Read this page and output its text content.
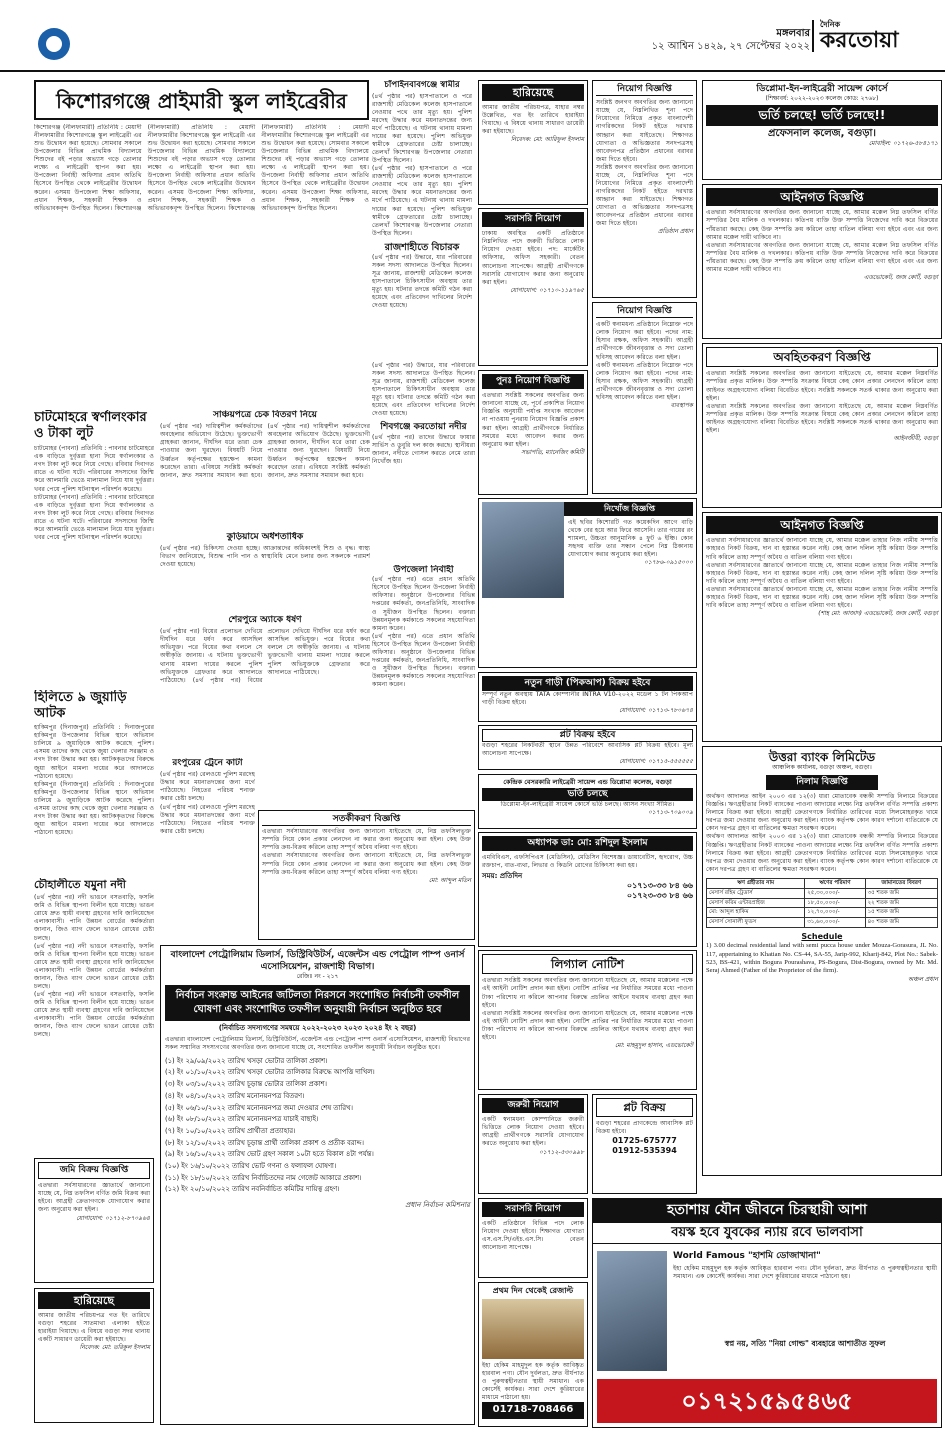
মঙ্গলবার
১২ আশ্বিন ১৪২৯, ২৭ সেপ্টেম্বর ২০২২
দৈনিক
করতোয়া
কিশোরগঞ্জে প্রাইমারী স্কুল লাইব্রেরীর
কিশোরগঞ্জ (নীলফামারী) প্রতিনিধি : মেয়াদী নীলফামারীর কিশোরগঞ্জে স্কুল লাইব্রেরী এর শুভ উদ্বোধন করা হয়েছে। সোমবার সকালে উপজেলার বিভিন্ন প্রাথমিক বিদ্যালয়ে শিশুদের বই পড়ার অভ্যাস গড়ে তোলার লক্ষ্যে এ লাইব্রেরী স্থাপন করা হয়। উপজেলা নির্বাহী অফিসার প্রধান অতিথি হিসেবে উপস্থিত থেকে লাইব্রেরীর উদ্বোধন করেন। এসময় উপজেলা শিক্ষা অফিসার, প্রধান শিক্ষক, সহকারী শিক্ষক ও অভিভাবকবৃন্দ উপস্থিত ছিলেন। কিশোরগঞ্জ (নীলফামারী) প্রতিনিধি : মেয়াদী নীলফামারীর কিশোরগঞ্জে স্কুল লাইব্রেরী এর শুভ উদ্বোধন করা হয়েছে। সোমবার সকালে উপজেলার বিভিন্ন প্রাথমিক বিদ্যালয়ে শিশুদের বই পড়ার অভ্যাস গড়ে তোলার লক্ষ্যে এ লাইব্রেরী স্থাপন করা হয়। উপজেলা নির্বাহী অফিসার প্রধান অতিথি হিসেবে উপস্থিত থেকে লাইব্রেরীর উদ্বোধন করেন। এসময় উপজেলা শিক্ষা অফিসার, প্রধান শিক্ষক, সহকারী শিক্ষক ও অভিভাবকবৃন্দ উপস্থিত ছিলেন। কিশোরগঞ্জ (নীলফামারী) প্রতিনিধি : মেয়াদী নীলফামারীর কিশোরগঞ্জে স্কুল লাইব্রেরী এর শুভ উদ্বোধন করা হয়েছে। সোমবার সকালে উপজেলার বিভিন্ন প্রাথমিক বিদ্যালয়ে শিশুদের বই পড়ার অভ্যাস গড়ে তোলার লক্ষ্যে এ লাইব্রেরী স্থাপন করা হয়। উপজেলা নির্বাহী অফিসার প্রধান অতিথি হিসেবে উপস্থিত থেকে লাইব্রেরীর উদ্বোধন করেন। এসময় উপজেলা শিক্ষা অফিসার, প্রধান শিক্ষক, সহকারী শিক্ষক ও অভিভাবকবৃন্দ উপস্থিত ছিলেন।
চাটমোহরে স্বর্ণালংকার ও টাকা লুট
চাটমোহর (পাবনা) প্রতিনিধি : পাবনার চাটমোহরে এক বাড়িতে দুর্বৃত্তরা হানা দিয়ে স্বর্ণালংকার ও নগদ টাকা লুট করে নিয়ে গেছে। রবিবার দিবাগত রাতে এ ঘটনা ঘটে। পরিবারের সদস্যদের জিম্মি করে আলমারি ভেঙে মালামাল নিয়ে যায় দুর্বৃত্তরা। খবর পেয়ে পুলিশ ঘটনাস্থল পরিদর্শন করেছে।
চাটমোহর (পাবনা) প্রতিনিধি : পাবনার চাটমোহরে এক বাড়িতে দুর্বৃত্তরা হানা দিয়ে স্বর্ণালংকার ও নগদ টাকা লুট করে নিয়ে গেছে। রবিবার দিবাগত রাতে এ ঘটনা ঘটে। পরিবারের সদস্যদের জিম্মি করে আলমারি ভেঙে মালামাল নিয়ে যায় দুর্বৃত্তরা। খবর পেয়ে পুলিশ ঘটনাস্থল পরিদর্শন করেছে।
হিলিতে ৯ জুয়াড়ি আটক
হাকিমপুর (দিনাজপুর) প্রতিনিধি : দিনাজপুরের হাকিমপুর উপজেলার বিভিন্ন স্থানে অভিযান চালিয়ে ৯ জুয়াড়িকে আটক করেছে পুলিশ। এসময় তাদের কাছ থেকে জুয়া খেলার সরঞ্জাম ও নগদ টাকা উদ্ধার করা হয়। আটককৃতদের বিরুদ্ধে জুয়া আইনে মামলা দায়ের করে আদালতে পাঠানো হয়েছে।
হাকিমপুর (দিনাজপুর) প্রতিনিধি : দিনাজপুরের হাকিমপুর উপজেলার বিভিন্ন স্থানে অভিযান চালিয়ে ৯ জুয়াড়িকে আটক করেছে পুলিশ। এসময় তাদের কাছ থেকে জুয়া খেলার সরঞ্জাম ও নগদ টাকা উদ্ধার করা হয়। আটককৃতদের বিরুদ্ধে জুয়া আইনে মামলা দায়ের করে আদালতে পাঠানো হয়েছে।
চৌহালীতে যমুনা নদী
(৪র্থ পৃষ্ঠার পর) নদী ভাঙনে বসতবাড়ি, ফসলি জমি ও বিভিন্ন স্থাপনা বিলীন হয়ে যাচ্ছে। ভাঙন রোধে দ্রুত স্থায়ী ব্যবস্থা গ্রহণের দাবি জানিয়েছেন এলাকাবাসী। পানি উন্নয়ন বোর্ডের কর্মকর্তারা জানান, জিও ব্যাগ ফেলে ভাঙন রোধের চেষ্টা চলছে।
(৪র্থ পৃষ্ঠার পর) নদী ভাঙনে বসতবাড়ি, ফসলি জমি ও বিভিন্ন স্থাপনা বিলীন হয়ে যাচ্ছে। ভাঙন রোধে দ্রুত স্থায়ী ব্যবস্থা গ্রহণের দাবি জানিয়েছেন এলাকাবাসী। পানি উন্নয়ন বোর্ডের কর্মকর্তারা জানান, জিও ব্যাগ ফেলে ভাঙন রোধের চেষ্টা চলছে।
(৪র্থ পৃষ্ঠার পর) নদী ভাঙনে বসতবাড়ি, ফসলি জমি ও বিভিন্ন স্থাপনা বিলীন হয়ে যাচ্ছে। ভাঙন রোধে দ্রুত স্থায়ী ব্যবস্থা গ্রহণের দাবি জানিয়েছেন এলাকাবাসী। পানি উন্নয়ন বোর্ডের কর্মকর্তারা জানান, জিও ব্যাগ ফেলে ভাঙন রোধের চেষ্টা চলছে।
জমি বিক্রয় বিজ্ঞপ্তি
এতদ্বারা সর্বসাধারণের জ্ঞাতার্থে জানানো যাচ্ছে যে, নিম্ন তফসিল বর্ণিত জমি বিক্রয় করা হইবে। আগ্রহী ক্রেতাগণকে যোগাযোগ করার জন্য অনুরোধ করা হইল।
যোগাযোগ: ০১৭১২-৮৭০৯৬৪
হারিয়েছে
আমার জাতীয় পরিচয়পত্র গত ইং তারিখে বগুড়া শহরের সাতমাথা এলাকা হইতে হারাইয়া গিয়াছে। এ বিষয়ে বগুড়া সদর থানায় একটি সাধারণ ডায়েরী করা হইয়াছে।
নিবেদক: মো: তরিকুল ইসলাম
সাঞ্চয়পত্রে চেক বিতরণ নিয়ে
(৪র্থ পৃষ্ঠার পর) দায়িত্বশীল কর্মকর্তাদের অবহেলার অভিযোগ উঠেছে। ভুক্তভোগী গ্রাহকরা জানান, দীর্ঘদিন ধরে তারা চেক পাওয়ার জন্য ঘুরছেন। বিষয়টি নিয়ে উর্ধ্বতন কর্তৃপক্ষের হস্তক্ষেপ কামনা করেছেন তারা। এবিষয়ে সংশ্লিষ্ট কর্মকর্তা জানান, দ্রুত সমস্যার সমাধান করা হবে। (৪র্থ পৃষ্ঠার পর) দায়িত্বশীল কর্মকর্তাদের অবহেলার অভিযোগ উঠেছে। ভুক্তভোগী গ্রাহকরা জানান, দীর্ঘদিন ধরে তারা চেক পাওয়ার জন্য ঘুরছেন। বিষয়টি নিয়ে উর্ধ্বতন কর্তৃপক্ষের হস্তক্ষেপ কামনা করেছেন তারা। এবিষয়ে সংশ্লিষ্ট কর্মকর্তা জানান, দ্রুত সমস্যার সমাধান করা হবে।
কুড়িয়ামে অর্ধশতাধিক
(৪র্থ পৃষ্ঠার পর) চিকিৎসা দেওয়া হচ্ছে। আক্রান্তদের অধিকাংশই শিশু ও বৃদ্ধ। স্বাস্থ্য বিভাগ জানিয়েছে, বিশুদ্ধ পানি পান ও স্বাস্থ্যবিধি মেনে চলার জন্য সকলকে পরামর্শ দেওয়া হয়েছে।
শেরপুরে অ্যাকে ধর্ষণ
(৪র্থ পৃষ্ঠার পর) বিয়ের প্রলোভন দেখিয়ে দীর্ঘদিন ধরে ধর্ষণ করে আসছিল অভিযুক্ত। পরে বিয়ের কথা বললে সে অস্বীকৃতি জানায়। এ ঘটনায় ভুক্তভোগী থানায় মামলা দায়ের করলে পুলিশ অভিযুক্তকে গ্রেফতার করে আদালতে পাঠিয়েছে। (৪র্থ পৃষ্ঠার পর) বিয়ের প্রলোভন দেখিয়ে দীর্ঘদিন ধরে ধর্ষণ করে আসছিল অভিযুক্ত। পরে বিয়ের কথা বললে সে অস্বীকৃতি জানায়। এ ঘটনায় ভুক্তভোগী থানায় মামলা দায়ের করলে পুলিশ অভিযুক্তকে গ্রেফতার করে আদালতে পাঠিয়েছে।
রংপুরের ট্রেনে কাটা
(৪র্থ পৃষ্ঠার পর) রেলওয়ে পুলিশ মরদেহ উদ্ধার করে ময়নাতদন্তের জন্য মর্গে পাঠিয়েছে। নিহতের পরিচয় শনাক্ত করার চেষ্টা চলছে।
(৪র্থ পৃষ্ঠার পর) রেলওয়ে পুলিশ মরদেহ উদ্ধার করে ময়নাতদন্তের জন্য মর্গে পাঠিয়েছে। নিহতের পরিচয় শনাক্ত করার চেষ্টা চলছে।
সতর্কীকরণ বিজ্ঞপ্তি
এতদ্বারা সর্বসাধারণের অবগতির জন্য জানানো যাইতেছে যে, নিম্ন তফসিলভুক্ত সম্পত্তি নিয়ে কোন প্রকার লেনদেন না করার জন্য অনুরোধ করা হইল। কেহ উক্ত সম্পত্তি ক্রয়-বিক্রয় করিলে তাহা সম্পূর্ণ অবৈধ বলিয়া গণ্য হইবে।
এতদ্বারা সর্বসাধারণের অবগতির জন্য জানানো যাইতেছে যে, নিম্ন তফসিলভুক্ত সম্পত্তি নিয়ে কোন প্রকার লেনদেন না করার জন্য অনুরোধ করা হইল। কেহ উক্ত সম্পত্তি ক্রয়-বিক্রয় করিলে তাহা সম্পূর্ণ অবৈধ বলিয়া গণ্য হইবে।
মো: আব্দুল মতিন
বাংলাদেশ পেট্রোলিয়াম ডিলার্স, ডিস্ট্রিবিউটর্স, এজেন্টস এন্ড পেট্রোল পাম্প ওনার্স এসোসিয়েশন, রাজশাহী বিভাগ।
রেজিঃ নং - ২১৭
নির্বাচন সংক্রান্ত আইনের জটিলতা নিরসনে সংশোধিত নির্বাচনী তফসীল ঘোষণা এবং সংশোধিত তফসীল অনুযায়ী নির্বাচন অনুষ্ঠিত হবে
(নির্বাচিত সদস্যগণের সমন্বয়ে ২০২২-২০২৩ ২০২৩ ২০২৪ ইং ২ বছর)
এতদ্বারা বাংলাদেশ পেট্রোলিয়াম ডিলার্স, ডিস্ট্রিবিউটর্স, এজেন্টস এন্ড পেট্রোল পাম্প ওনার্স এসোসিয়েশন, রাজশাহী বিভাগের সকল সম্মানিত সদস্যগণের অবগতির জন্য জানানো যাচ্ছে যে, সংশোধিত তফসীল অনুযায়ী নির্বাচন অনুষ্ঠিত হবে।
(১) ইং ২৯/০৯/২০২২ তারিখ খসড়া ভোটার তালিকা প্রকাশ।
(২) ইং ০১/১০/২০২২ তারিখ খসড়া ভোটার তালিকার বিরুদ্ধে আপত্তি দাখিল।
(৩) ইং ০৩/১০/২০২২ তারিখ চূড়ান্ত ভোটার তালিকা প্রকাশ।
(৪) ইং ০৪/১০/২০২২ তারিখ মনোনয়নপত্র বিতরণ।
(৫) ইং ০৬/১০/২০২২ তারিখ মনোনয়নপত্র জমা দেওয়ার শেষ তারিখ।
(৬) ইং ০৮/১০/২০২২ তারিখ মনোনয়নপত্র যাচাই বাছাই।
(৭) ইং ১০/১০/২০২২ তারিখ প্রার্থীতা প্রত্যাহার।
(৮) ইং ১২/১০/২০২২ তারিখ চূড়ান্ত প্রার্থী তালিকা প্রকাশ ও প্রতীক বরাদ্দ।
(৯) ইং ১৬/১০/২০২২ তারিখ ভোট গ্রহণ সকাল ১০টা হতে বিকাল ৪টা পর্যন্ত।
(১০) ইং ১৬/১০/২০২২ তারিখ ভোট গণনা ও ফলাফল ঘোষণা।
(১১) ইং ১৮/১০/২০২২ তারিখ নির্বাচিতদের নাম গেজেট আকারে প্রকাশ।
(১২) ইং ২০/১০/২০২২ তারিখ নবনির্বাচিত কমিটির দায়িত্ব গ্রহণ।
প্রধান নির্বাচন কমিশনার
চাঁপাইনবাবগঞ্জে স্বামীর
(৪র্থ পৃষ্ঠার পর) হাসপাতালে ও পরে রাজশাহী মেডিকেল কলেজ হাসপাতালে নেওয়ার পথে তার মৃত্যু হয়। পুলিশ মরদেহ উদ্ধার করে ময়নাতদন্তের জন্য মর্গে পাঠিয়েছে। এ ঘটনায় থানায় মামলা দায়ের করা হয়েছে। পুলিশ অভিযুক্ত স্বামীকে গ্রেফতারের চেষ্টা চালাচ্ছে। তেলখাঁ কিশোরগঞ্জ উপজেলার নেতারা উপস্থিত ছিলেন।
(৪র্থ পৃষ্ঠার পর) হাসপাতালে ও পরে রাজশাহী মেডিকেল কলেজ হাসপাতালে নেওয়ার পথে তার মৃত্যু হয়। পুলিশ মরদেহ উদ্ধার করে ময়নাতদন্তের জন্য মর্গে পাঠিয়েছে। এ ঘটনায় থানায় মামলা দায়ের করা হয়েছে। পুলিশ অভিযুক্ত স্বামীকে গ্রেফতারের চেষ্টা চালাচ্ছে। তেলখাঁ কিশোরগঞ্জ উপজেলার নেতারা উপস্থিত ছিলেন।
রাজশাহীতে বিচারক
(৪র্থ পৃষ্ঠার পর) উদ্ধারে, যার পরিবারের সকল সদস্য আদালতে উপস্থিত ছিলেন। সূত্র জানায়, রাজশাহী মেডিকেল কলেজ হাসপাতালে চিকিৎসাধীন অবস্থায় তার মৃত্যু হয়। ঘটনার তদন্তে কমিটি গঠন করা হয়েছে এবং প্রতিবেদন দাখিলের নির্দেশ দেওয়া হয়েছে।
(৪র্থ পৃষ্ঠার পর) উদ্ধারে, যার পরিবারের সকল সদস্য আদালতে উপস্থিত ছিলেন। সূত্র জানায়, রাজশাহী মেডিকেল কলেজ হাসপাতালে চিকিৎসাধীন অবস্থায় তার মৃত্যু হয়। ঘটনার তদন্তে কমিটি গঠন করা হয়েছে এবং প্রতিবেদন দাখিলের নির্দেশ দেওয়া হয়েছে।
শিবগঞ্জে করতোয়া নদীর
(৪র্থ পৃষ্ঠার পর) তাদের উদ্ধারে ফায়ার সার্ভিস ও ডুবুরি দল কাজ করছে। স্থানীয়রা জানান, নদীতে গোসল করতে নেমে তারা নিখোঁজ হয়।
উপজেলা নির্বাহী
(৪র্থ পৃষ্ঠার পর) এতে প্রধান অতিথি হিসেবে উপস্থিত ছিলেন উপজেলা নির্বাহী অফিসার। অনুষ্ঠানে উপজেলার বিভিন্ন দপ্তরের কর্মকর্তা, জনপ্রতিনিধি, সাংবাদিক ও সুধীজন উপস্থিত ছিলেন। বক্তারা উন্নয়নমূলক কর্মকাণ্ডে সকলের সহযোগিতা কামনা করেন।
(৪র্থ পৃষ্ঠার পর) এতে প্রধান অতিথি হিসেবে উপস্থিত ছিলেন উপজেলা নির্বাহী অফিসার। অনুষ্ঠানে উপজেলার বিভিন্ন দপ্তরের কর্মকর্তা, জনপ্রতিনিধি, সাংবাদিক ও সুধীজন উপস্থিত ছিলেন। বক্তারা উন্নয়নমূলক কর্মকাণ্ডে সকলের সহযোগিতা কামনা করেন।
হারিয়েছে
আমার জাতীয় পরিচয়পত্র, যাহার নম্বর উল্লেখিত, গত ইং তারিখে হারাইয়া গিয়াছে। এ বিষয়ে থানায় সাধারণ ডায়েরী করা হইয়াছে।
নিবেদক: মো: আরিফুল ইসলাম
সরাসরি নিয়োগ
ঢাকায় অবস্থিত একটি প্রতিষ্ঠানে নিম্নলিখিত পদে জরুরী ভিত্তিতে লোক নিয়োগ দেওয়া হইবে। পদ: মার্কেটিং অফিসার, অফিস সহকারী। বেতন আলোচনা সাপেক্ষে। আগ্রহী প্রার্থীগণকে সরাসরি যোগাযোগ করার জন্য অনুরোধ করা হইল।
যোগাযোগ: ০১৭১০-১১৯৭৬৫
পুনঃ নিয়োগ বিজ্ঞপ্তি
এতদ্বারা সংশ্লিষ্ট সকলের অবগতির জন্য জানানো যাচ্ছে যে, পূর্বে প্রকাশিত নিয়োগ বিজ্ঞপ্তি অনুযায়ী পর্যাপ্ত সংখ্যক আবেদন না পাওয়ায় পুনরায় নিয়োগ বিজ্ঞপ্তি প্রকাশ করা হইল। আগ্রহী প্রার্থীগণকে নির্ধারিত সময়ের মধ্যে আবেদন করার জন্য অনুরোধ করা হইল।
সভাপতি, ম্যানেজিং কমিটি
নিয়োগ বিজ্ঞপ্তি
সংশ্লিষ্ট জনগণ অবগতির জন্য জানানো যাচ্ছে যে, নিম্নলিখিত শূন্য পদে নিয়োগের নিমিত্তে প্রকৃত বাংলাদেশী নাগরিকদের নিকট হইতে দরখাস্ত আহ্বান করা যাইতেছে। শিক্ষাগত যোগ্যতা ও অভিজ্ঞতার সনদপত্রসহ আবেদনপত্র প্রতিষ্ঠান প্রধানের বরাবর জমা দিতে হইবে।
সংশ্লিষ্ট জনগণ অবগতির জন্য জানানো যাচ্ছে যে, নিম্নলিখিত শূন্য পদে নিয়োগের নিমিত্তে প্রকৃত বাংলাদেশী নাগরিকদের নিকট হইতে দরখাস্ত আহ্বান করা যাইতেছে। শিক্ষাগত যোগ্যতা ও অভিজ্ঞতার সনদপত্রসহ আবেদনপত্র প্রতিষ্ঠান প্রধানের বরাবর জমা দিতে হইবে।
প্রতিষ্ঠান প্রধান
নিয়োগ বিজ্ঞপ্তি
একটি স্বনামধন্য প্রতিষ্ঠানে নিম্নোক্ত পদে লোক নিয়োগ করা হইবে। পদের নাম: হিসাব রক্ষক, অফিস সহকারী। আগ্রহী প্রার্থীগণকে জীবনবৃত্তান্ত ও সদ্য তোলা ছবিসহ আবেদন করিতে বলা হইল।
একটি স্বনামধন্য প্রতিষ্ঠানে নিম্নোক্ত পদে লোক নিয়োগ করা হইবে। পদের নাম: হিসাব রক্ষক, অফিস সহকারী। আগ্রহী প্রার্থীগণকে জীবনবৃত্তান্ত ও সদ্য তোলা ছবিসহ আবেদন করিতে বলা হইল।
ব্যবস্থাপক
নিখোঁজ বিজ্ঞপ্তি
এই ছবির কিশোরটি গত কয়েকদিন আগে বাড়ি থেকে বের হয়ে আর ফিরে আসেনি। তার গায়ের রং শ্যামলা, উচ্চতা আনুমানিক ৪ ফুট ৬ ইঞ্চি। কোন সহৃদয় ব্যক্তি তার সন্ধান পেলে নিম্ন ঠিকানায় যোগাযোগ করার অনুরোধ করা হইল।
০১৭৮৬-০৯১৫০০০
নতুন গাড়ী (পিকআপ) বিক্রয় হইবে
সম্পূর্ণ নতুন অবস্থায় TATA কোম্পানীর INTRA V10-২০২২ মডেল ১ টন পিকআপ গাড়ী বিক্রয় হইবে।
যোগাযোগ: ০১৭১৩-৭৮০৬৭৪
প্লট বিক্রয় হইবে
বগুড়া শহরের নিকটবর্তী স্থানে উন্নত পরিবেশে আবাসিক প্লট বিক্রয় হইবে। মূল্য আলোচনা সাপেক্ষে।
যোগাযোগ: ০১৭১৫-৫৫৫৫৫৫
কেন্দ্রিক বেসরকারি লাইব্রেরী সায়েন্স এন্ড ডিপ্লোমা কলেজ, বগুড়া
ভর্তি চলছে
ডিপ্লোমা-ইন-লাইব্রেরী সায়েন্স কোর্সে ভর্তি চলছে। আসন সংখ্যা সীমিত।
০১৭১৩-৭০৯০০৯
অধ্যাপক ডা: মো: রশিদুল ইসলাম
এমবিবিএস, এফসিপিএস (মেডিসিন), মেডিসিন বিশেষজ্ঞ। ডায়াবেটিস, হৃদরোগ, উচ্চ রক্তচাপ, বাত-ব্যথা, লিভার ও কিডনি রোগের চিকিৎসা করা হয়।
সময়: প্রতিদিন
০১৭১৩-৩৩ ৮৪ ৬৬
০১৭২৩-৩৩ ৮৪ ৬৬
লিগ্যাল নোটিশ
এতদ্বারা সংশ্লিষ্ট সকলের অবগতির জন্য জানানো যাইতেছে যে, আমার মক্কেলের পক্ষে এই আইনী নোটিশ প্রদান করা হইল। নোটিশ প্রাপ্তির পর নির্ধারিত সময়ের মধ্যে পাওনা টাকা পরিশোধ না করিলে আপনার বিরুদ্ধে প্রচলিত আইনে যথাযথ ব্যবস্থা গ্রহণ করা হইবে।
এতদ্বারা সংশ্লিষ্ট সকলের অবগতির জন্য জানানো যাইতেছে যে, আমার মক্কেলের পক্ষে এই আইনী নোটিশ প্রদান করা হইল। নোটিশ প্রাপ্তির পর নির্ধারিত সময়ের মধ্যে পাওনা টাকা পরিশোধ না করিলে আপনার বিরুদ্ধে প্রচলিত আইনে যথাযথ ব্যবস্থা গ্রহণ করা হইবে।
মো: মাহমুদুল হাসান, এডভোকেট
জরুরী নিয়োগ
একটি স্বনামধন্য কোম্পানিতে জরুরী ভিত্তিতে লোক নিয়োগ দেওয়া হইবে। আগ্রহী প্রার্থীগণকে সরাসরি যোগাযোগ করতে অনুরোধ করা হইল।
০১৭১২-৫৩০৯৯৮
প্লট বিক্রয়
বগুড়া শহরের প্রাণকেন্দ্রে আবাসিক প্লট বিক্রয় হইবে।
01725-675777
01912-535394
সরাসরি নিয়োগ
একটি প্রতিষ্ঠানে বিভিন্ন পদে লোক নিয়োগ দেওয়া হইবে। শিক্ষাগত যোগ্যতা এস.এস.সি/এইচ.এস.সি। বেতন আলোচনা সাপেক্ষে।
প্রথম দিন থেকেই রেজাল্ট
ইহা হেকিম মাহমুদুল হক কর্তৃক আবিষ্কৃত হারবাল পণ্য। যৌন দুর্বলতা, দ্রুত বীর্যপাত ও পুরুষত্বহীনতার স্থায়ী সমাধান। এক কোর্সেই কার্যকর। সারা দেশে কুরিয়ারের মাধ্যমে পাঠানো হয়।
01718-708466
ডিপ্লোমা-ইন-লাইব্রেরী সায়েন্স কোর্সে
(শিক্ষাবর্ষ: ২০২২-২০২৩ কলেজ কোড: ২৭৬৮)
ভর্তি চলছে! ভর্তি চলছে!!
প্রফেসনাল কলেজ, বগুড়া।
মোবাইল: ০১৭২৬-৫৮৪১৭১
আইনগত বিজ্ঞপ্তি
এতদ্বারা সর্বসাধারণের অবগতির জন্য জানানো যাচ্ছে যে, আমার মক্কেল নিম্ন তফসিল বর্ণিত সম্পত্তির বৈধ মালিক ও দখলকার। কতিপয় ব্যক্তি উক্ত সম্পত্তি নিজেদের দাবি করে বিক্রয়ের পাঁয়তারা করছে। কেহ উক্ত সম্পত্তি ক্রয় করিলে তাহা বাতিল বলিয়া গণ্য হইবে এবং এর জন্য আমার মক্কেল দায়ী থাকিবে না।
এতদ্বারা সর্বসাধারণের অবগতির জন্য জানানো যাচ্ছে যে, আমার মক্কেল নিম্ন তফসিল বর্ণিত সম্পত্তির বৈধ মালিক ও দখলকার। কতিপয় ব্যক্তি উক্ত সম্পত্তি নিজেদের দাবি করে বিক্রয়ের পাঁয়তারা করছে। কেহ উক্ত সম্পত্তি ক্রয় করিলে তাহা বাতিল বলিয়া গণ্য হইবে এবং এর জন্য আমার মক্কেল দায়ী থাকিবে না।
এডভোকেট, জজ কোর্ট, বগুড়া
অবহিতকরণ বিজ্ঞপ্তি
এতদ্বারা সংশ্লিষ্ট সকলের অবগতির জন্য জানানো যাইতেছে যে, আমার মক্কেল নিম্নবর্ণিত সম্পত্তির প্রকৃত মালিক। উক্ত সম্পত্তি সংক্রান্ত বিষয়ে কেহ কোন প্রকার লেনদেন করিলে তাহা আইনত অগ্রহণযোগ্য বলিয়া বিবেচিত হইবে। সংশ্লিষ্ট সকলকে সতর্ক থাকার জন্য অনুরোধ করা হইল।
এতদ্বারা সংশ্লিষ্ট সকলের অবগতির জন্য জানানো যাইতেছে যে, আমার মক্কেল নিম্নবর্ণিত সম্পত্তির প্রকৃত মালিক। উক্ত সম্পত্তি সংক্রান্ত বিষয়ে কেহ কোন প্রকার লেনদেন করিলে তাহা আইনত অগ্রহণযোগ্য বলিয়া বিবেচিত হইবে। সংশ্লিষ্ট সকলকে সতর্ক থাকার জন্য অনুরোধ করা হইল।
আইনজীবী, বগুড়া
আইনগত বিজ্ঞপ্তি
এতদ্বারা সর্বসাধারণের জ্ঞাতার্থে জানানো যাচ্ছে যে, আমার মক্কেল তাহার নিজ নামীয় সম্পত্তি কাহারও নিকট বিক্রয়, দান বা হস্তান্তর করেন নাই। কেহ জাল দলিল সৃষ্টি করিয়া উক্ত সম্পত্তি দাবি করিলে তাহা সম্পূর্ণ অবৈধ ও বাতিল বলিয়া গণ্য হইবে।
এতদ্বারা সর্বসাধারণের জ্ঞাতার্থে জানানো যাচ্ছে যে, আমার মক্কেল তাহার নিজ নামীয় সম্পত্তি কাহারও নিকট বিক্রয়, দান বা হস্তান্তর করেন নাই। কেহ জাল দলিল সৃষ্টি করিয়া উক্ত সম্পত্তি দাবি করিলে তাহা সম্পূর্ণ অবৈধ ও বাতিল বলিয়া গণ্য হইবে।
এতদ্বারা সর্বসাধারণের জ্ঞাতার্থে জানানো যাচ্ছে যে, আমার মক্কেল তাহার নিজ নামীয় সম্পত্তি কাহারও নিকট বিক্রয়, দান বা হস্তান্তর করেন নাই। কেহ জাল দলিল সৃষ্টি করিয়া উক্ত সম্পত্তি দাবি করিলে তাহা সম্পূর্ণ অবৈধ ও বাতিল বলিয়া গণ্য হইবে।
(শাহ মো: আজাদ) এডভোকেট, জজ কোর্ট, বগুড়া
উত্তরা ব্যাংক লিমিটেড
আঞ্চলিক কার্যালয়, বগুড়া অঞ্চল, বগুড়া।
নিলাম বিজ্ঞপ্তি
অর্থঋণ আদালত আইন ২০০৩ এর ১২(৩) ধারা মোতাবেক বন্ধকী সম্পত্তি নিলামে বিক্রয়ের বিজ্ঞপ্তি। ঋণগ্রহীতার নিকট ব্যাংকের পাওনা আদায়ের লক্ষ্যে নিম্ন তফসিল বর্ণিত সম্পত্তি প্রকাশ্য নিলামে বিক্রয় করা হইবে। আগ্রহী ক্রেতাগণকে নির্ধারিত তারিখের মধ্যে সিলমোহরকৃত খামে দরপত্র জমা দেওয়ার জন্য অনুরোধ করা হইল। ব্যাংক কর্তৃপক্ষ কোন কারণ দর্শানো ব্যতিরেকে যে কোন দরপত্র গ্রহণ বা বাতিলের ক্ষমতা সংরক্ষণ করেন।
অর্থঋণ আদালত আইন ২০০৩ এর ১২(৩) ধারা মোতাবেক বন্ধকী সম্পত্তি নিলামে বিক্রয়ের বিজ্ঞপ্তি। ঋণগ্রহীতার নিকট ব্যাংকের পাওনা আদায়ের লক্ষ্যে নিম্ন তফসিল বর্ণিত সম্পত্তি প্রকাশ্য নিলামে বিক্রয় করা হইবে। আগ্রহী ক্রেতাগণকে নির্ধারিত তারিখের মধ্যে সিলমোহরকৃত খামে দরপত্র জমা দেওয়ার জন্য অনুরোধ করা হইল। ব্যাংক কর্তৃপক্ষ কোন কারণ দর্শানো ব্যতিরেকে যে কোন দরপত্র গ্রহণ বা বাতিলের ক্ষমতা সংরক্ষণ করেন।
ঋণ গ্রহীতার নাম	ঋণের পরিমাণ	জামানতের বিবরণ
মেসার্স রহিম ট্রেডার্স	২৫,৩০,০০০/-	৩৫ শতক জমি
মেসার্স করিম এন্টারপ্রাইজ	১৮,৫০,০০০/-	২২ শতক জমি
মো: আব্দুল হাকিম	১২,৭০,০০০/-	১৫ শতক জমি
মেসার্স সোনালী ফুডস	৩১,৬০,০০০/-	৪০ শতক জমি
Schedule
1) 3.00 decimal residential land with semi pucca house under Mouza-Gorasura, JL No. 117, appertaining to Khatian No. CS-44, SA-55, Jarip-992, Kharij-842, Plot No.: Sabek-523, BS-421, within Bogura Pourashava, PS-Bogura, Dist-Bogura, owned by Mr. Md. Seraj Ahmed (Father of the Proprietor of the firm).
অঞ্চল প্রধান
হতাশায় যৌন জীবনে চিরস্থায়ী আশা
বয়স্ক হবে যুবকের ন্যায় রবে ভালবাসা
World Famous "হাশমি ডোজাখানা"
ইহা হেকিম মাহমুদুল হক কর্তৃক আবিষ্কৃত হারবাল পণ্য। যৌন দুর্বলতা, দ্রুত বীর্যপাত ও পুরুষত্বহীনতার স্থায়ী সমাধান। এক কোর্সেই কার্যকর। সারা দেশে কুরিয়ারের মাধ্যমে পাঠানো হয়।
স্বপ্ন নয়, সত্যি "নিয়া গোল্ড" ব্যবহারে আশাতীত সুফল
০১৭২১৫৯৫৪৬৫
